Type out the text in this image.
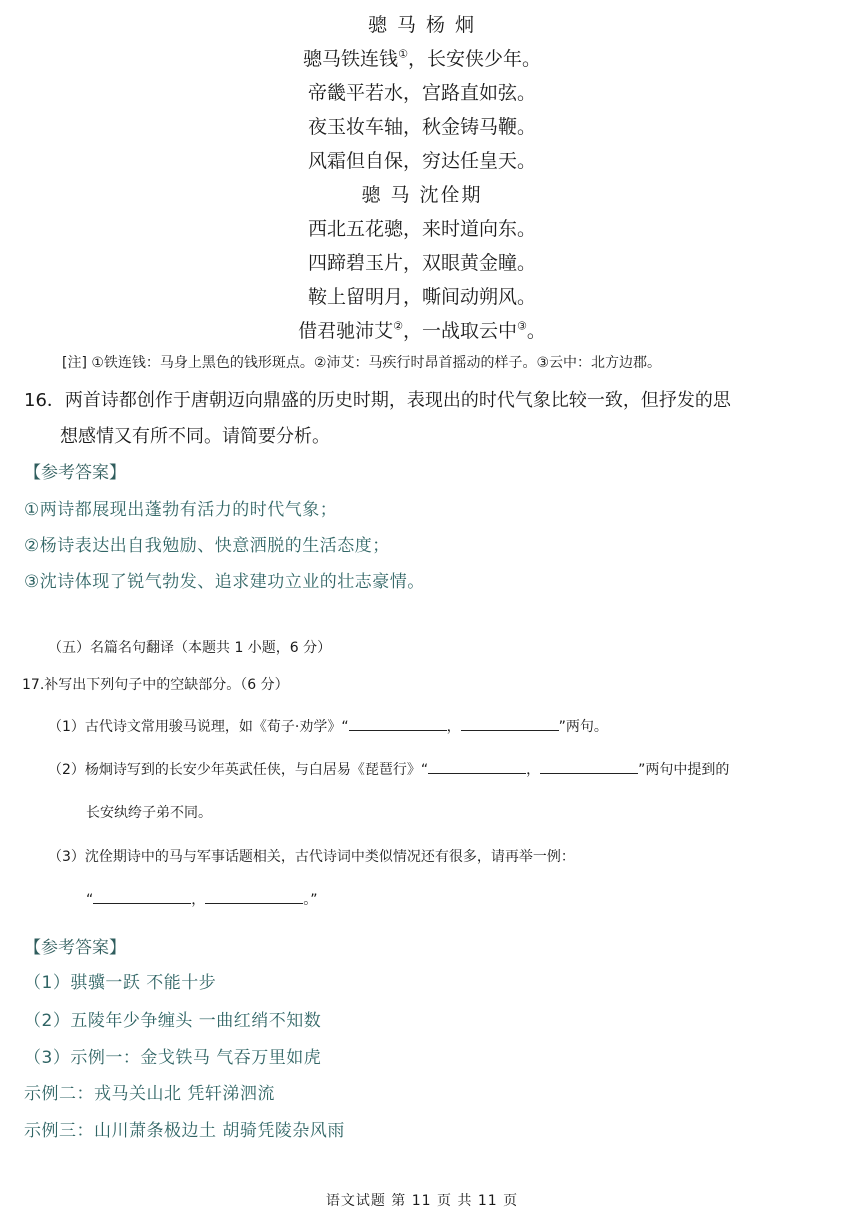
骢 马 杨 炯
骢马铁连钱①，长安侠少年。
帝畿平若水，宫路直如弦。
夜玉妆车轴，秋金铸马鞭。
风霜但自保，穷达任皇天。
骢 马 沈佺期
西北五花骢，来时道向东。
四蹄碧玉片，双眼黄金瞳。
鞍上留明月，嘶间动朔风。
借君驰沛艾②，一战取云中③。
[注] ①铁连钱：马身上黑色的钱形斑点。②沛艾：马疾行时昂首摇动的样子。③云中：北方边郡。
16．两首诗都创作于唐朝迈向鼎盛的历史时期，表现出的时代气象比较一致，但抒发的思
想感情又有所不同。请简要分析。
【参考答案】
①两诗都展现出蓬勃有活力的时代气象；
②杨诗表达出自我勉励、快意洒脱的生活态度；
③沈诗体现了锐气勃发、追求建功立业的壮志豪情。
（五）名篇名句翻译（本题共 1 小题，6 分）
17.补写出下列句子中的空缺部分。（6 分）
（1）古代诗文常用骏马说理，如《荀子·劝学》“	，	”两句。
（2）杨炯诗写到的长安少年英武任侠，与白居易《琵琶行》“	，	”两句中提到的
长安纨绔子弟不同。
（3）沈佺期诗中的马与军事话题相关，古代诗词中类似情况还有很多，请再举一例：
“	，	。”
【参考答案】
（1）骐骥一跃 不能十步
（2）五陵年少争缠头 一曲红绡不知数
（3）示例一：金戈铁马 气吞万里如虎
示例二：戎马关山北 凭轩涕泗流
示例三：山川萧条极边土 胡骑凭陵杂风雨
语文试题 第 11 页 共 11 页
